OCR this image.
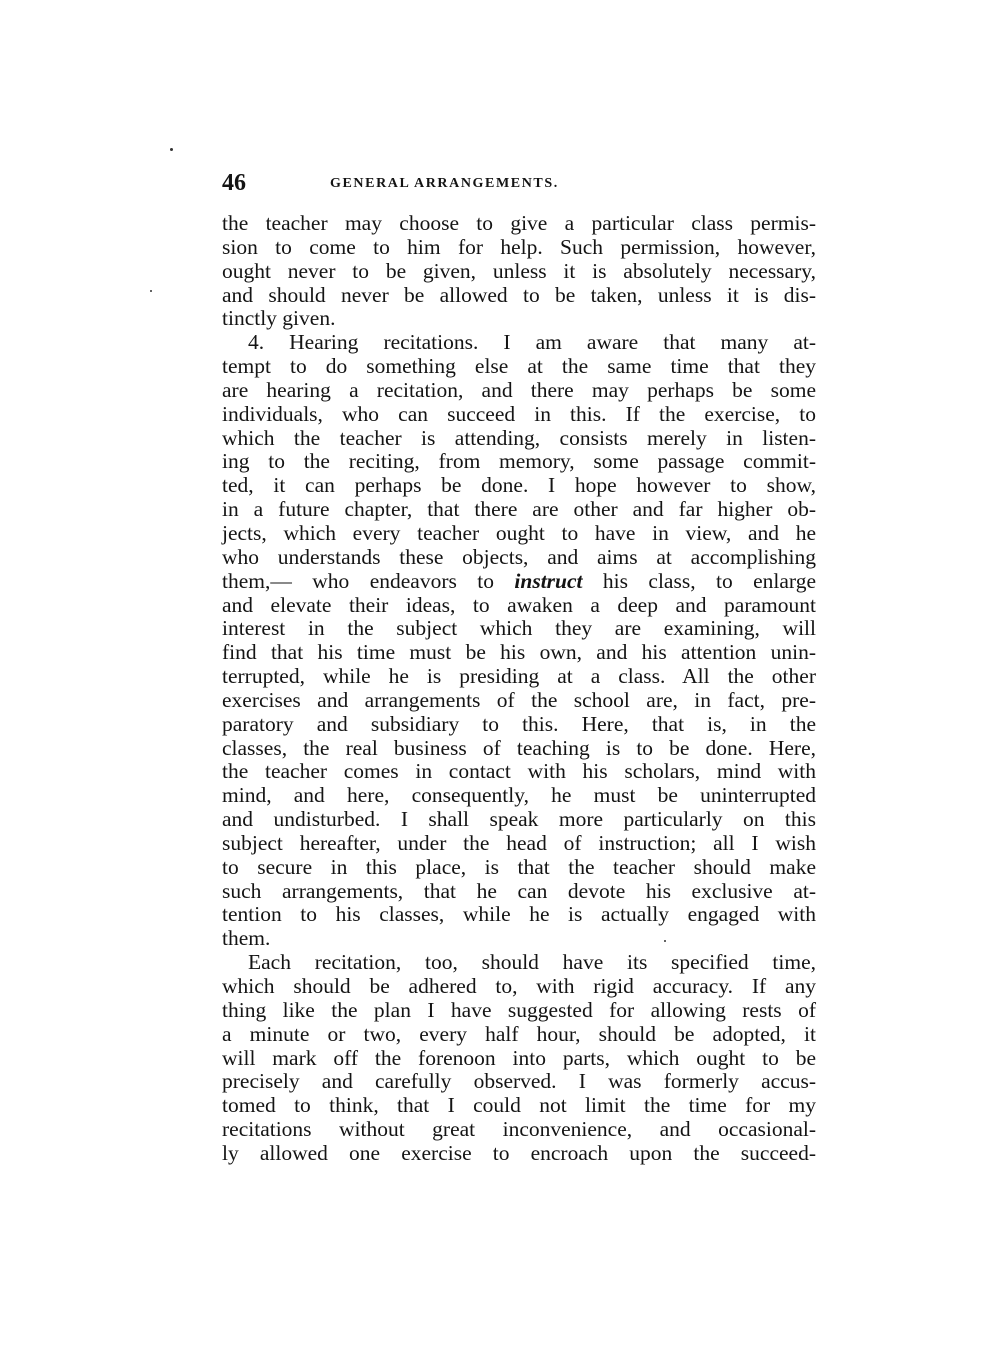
46	GENERAL ARRANGEMENTS.
the teacher may choose to give a particular class permis-
sion to come to him for help. Such permission, however,
ought never to be given, unless it is absolutely necessary,
and should never be allowed to be taken, unless it is dis-
tinctly given.
4. Hearing recitations. I am aware that many at-
tempt to do something else at the same time that they
are hearing a recitation, and there may perhaps be some
individuals, who can succeed in this. If the exercise, to
which the teacher is attending, consists merely in listen-
ing to the reciting, from memory, some passage commit-
ted, it can perhaps be done. I hope however to show,
in a future chapter, that there are other and far higher ob-
jects, which every teacher ought to have in view, and he
who understands these objects, and aims at accomplishing
them,— who endeavors to instruct his class, to enlarge
and elevate their ideas, to awaken a deep and paramount
interest in the subject which they are examining, will
find that his time must be his own, and his attention unin-
terrupted, while he is presiding at a class. All the other
exercises and arrangements of the school are, in fact, pre-
paratory and subsidiary to this. Here, that is, in the
classes, the real business of teaching is to be done. Here,
the teacher comes in contact with his scholars, mind with
mind, and here, consequently, he must be uninterrupted
and undisturbed. I shall speak more particularly on this
subject hereafter, under the head of instruction; all I wish
to secure in this place, is that the teacher should make
such arrangements, that he can devote his exclusive at-
tention to his classes, while he is actually engaged with
them.
Each recitation, too, should have its specified time,
which should be adhered to, with rigid accuracy. If any
thing like the plan I have suggested for allowing rests of
a minute or two, every half hour, should be adopted, it
will mark off the forenoon into parts, which ought to be
precisely and carefully observed. I was formerly accus-
tomed to think, that I could not limit the time for my
recitations without great inconvenience, and occasional-
ly allowed one exercise to encroach upon the succeed-
